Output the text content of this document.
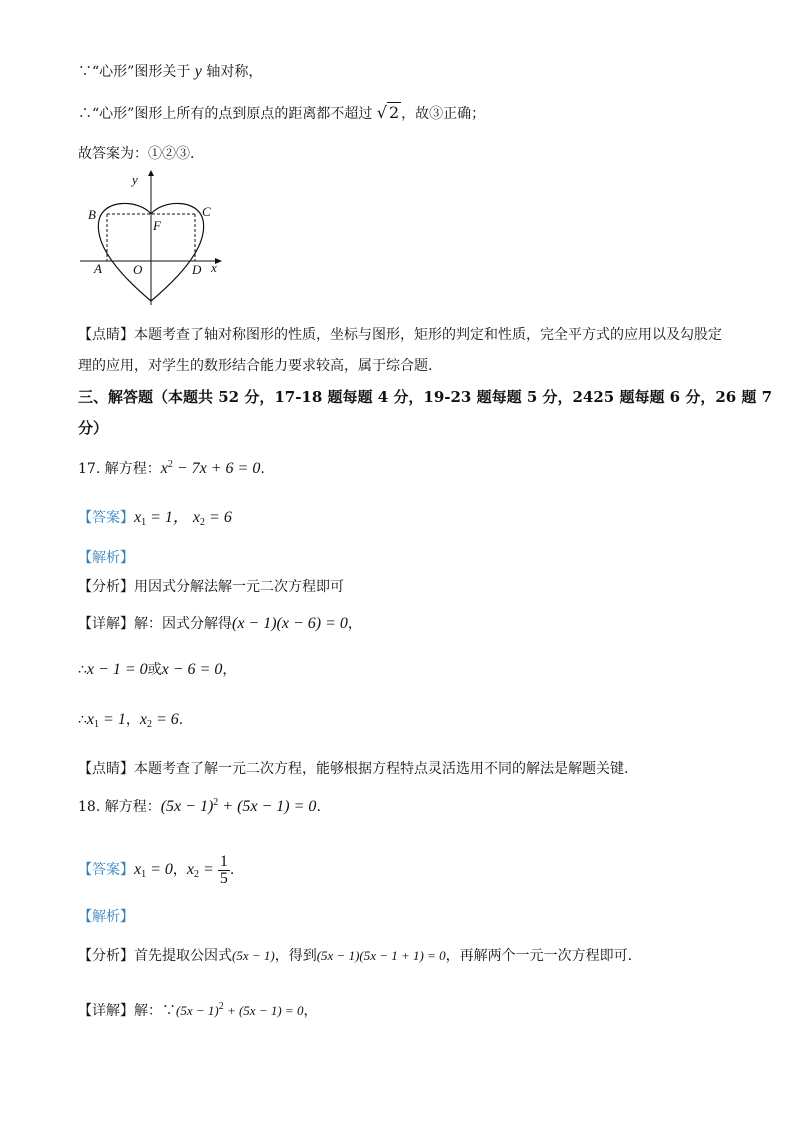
∵“心形”图形关于 y 轴对称，
∴“心形”图形上所有的点到原点的距离都不超过 √ 2 ，故③正确；
故答案为：①②③.
y
x
B	C
F
A O	D
【点睛】本题考查了轴对称图形的性质，坐标与图形，矩形的判定和性质，完全平方式的应用以及勾股定
理的应用，对学生的数形结合能力要求较高，属于综合题.
三、解答题（本题共 52 分，17-18 题每题 4 分，19-23 题每题 5 分，2425 题每题 6 分，26 题 7
分）
17. 解方程：$x^2 - 7x + 6 = 0$.
【答案】$x_1 = 1$， $x_2 = 6$
【解析】
【分析】用因式分解法解一元二次方程即可
【详解】解：因式分解得(x − 1)(x − 6) = 0，
∴x − 1 = 0或x − 6 = 0，
$\therefore x_1 = 1$，$x_2 = 6$.
【点睛】本题考查了解一元二次方程，能够根据方程特点灵活选用不同的解法是解题关键.
18. 解方程：$(5x - 1)^2 + (5x - 1) = 0$.
【答案】$x_1 = 0$，$x_2 = \frac{1}{5}$ .
【解析】
【分析】首先提取公因式(5x − 1)，得到(5x − 1)(5x − 1 + 1) = 0，再解两个一元一次方程即可.
【详解】解：∵(5x − 1)$^2$ + (5x − 1) = 0，
